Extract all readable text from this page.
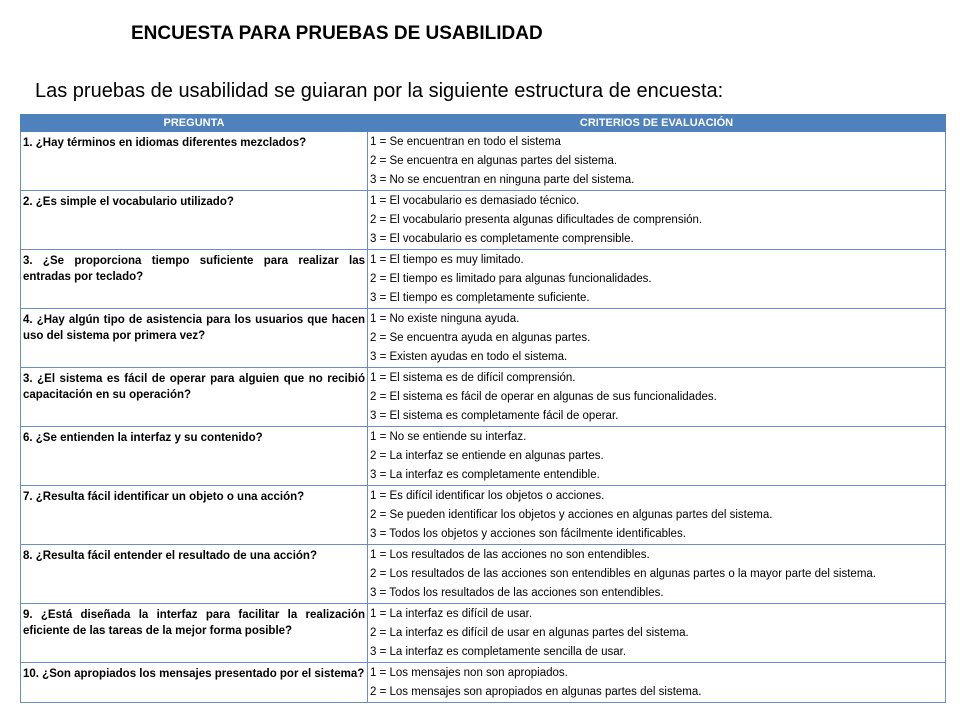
ENCUESTA PARA PRUEBAS DE USABILIDAD
Las pruebas de usabilidad se guiaran por la siguiente estructura de encuesta:
PREGUNTA	CRITERIOS DE EVALUACIÓN
1. ¿Hay términos en idiomas diferentes mezclados?	1 = Se encuentran en todo el sistema
2 = Se encuentra en algunas partes del sistema.
3 = No se encuentran en ninguna parte del sistema.

2. ¿Es simple el vocabulario utilizado?	1 = El vocabulario es demasiado técnico.
2 = El vocabulario presenta algunas dificultades de comprensión.
3 = El vocabulario es completamente comprensible.

3. ¿Se proporciona tiempo suficiente para realizar las entradas por teclado?	1 = El tiempo es muy limitado.
2 = El tiempo es limitado para algunas funcionalidades.
3 = El tiempo es completamente suficiente.

4. ¿Hay algún tipo de asistencia para los usuarios que hacen uso del sistema por primera vez?	1 = No existe ninguna ayuda.
2 = Se encuentra ayuda en algunas partes.
3 = Existen ayudas en todo el sistema.

3. ¿El sistema es fácil de operar para alguien que no recibió capacitación en su operación?	1 = El sistema es de difícil comprensión.
2 = El sistema es fácil de operar en algunas de sus funcionalidades.
3 = El sistema es completamente fácil de operar.

6. ¿Se entienden la interfaz y su contenido?	1 = No se entiende su interfaz.
2 = La interfaz se entiende en algunas partes.
3 = La interfaz es completamente entendible.

7. ¿Resulta fácil identificar un objeto o una acción?	1 = Es difícil identificar los objetos o acciones.
2 = Se pueden identificar los objetos y acciones en algunas partes del sistema.
3 = Todos los objetos y acciones son fácilmente identificables.

8. ¿Resulta fácil entender el resultado de una acción?	1 = Los resultados de las acciones no son entendibles.
2 = Los resultados de las acciones son entendibles en algunas partes o la mayor parte del sistema.
3 = Todos los resultados de las acciones son entendibles.

9. ¿Está diseñada la interfaz para facilitar la realización eficiente de las tareas de la mejor forma posible?	1 = La interfaz es difícil de usar.
2 = La interfaz es difícil de usar en algunas partes del sistema.
3 = La interfaz es completamente sencilla de usar.

10. ¿Son apropiados los mensajes presentado por el sistema?	1 = Los mensajes non son apropiados.
2 = Los mensajes son apropiados en algunas partes del sistema.
